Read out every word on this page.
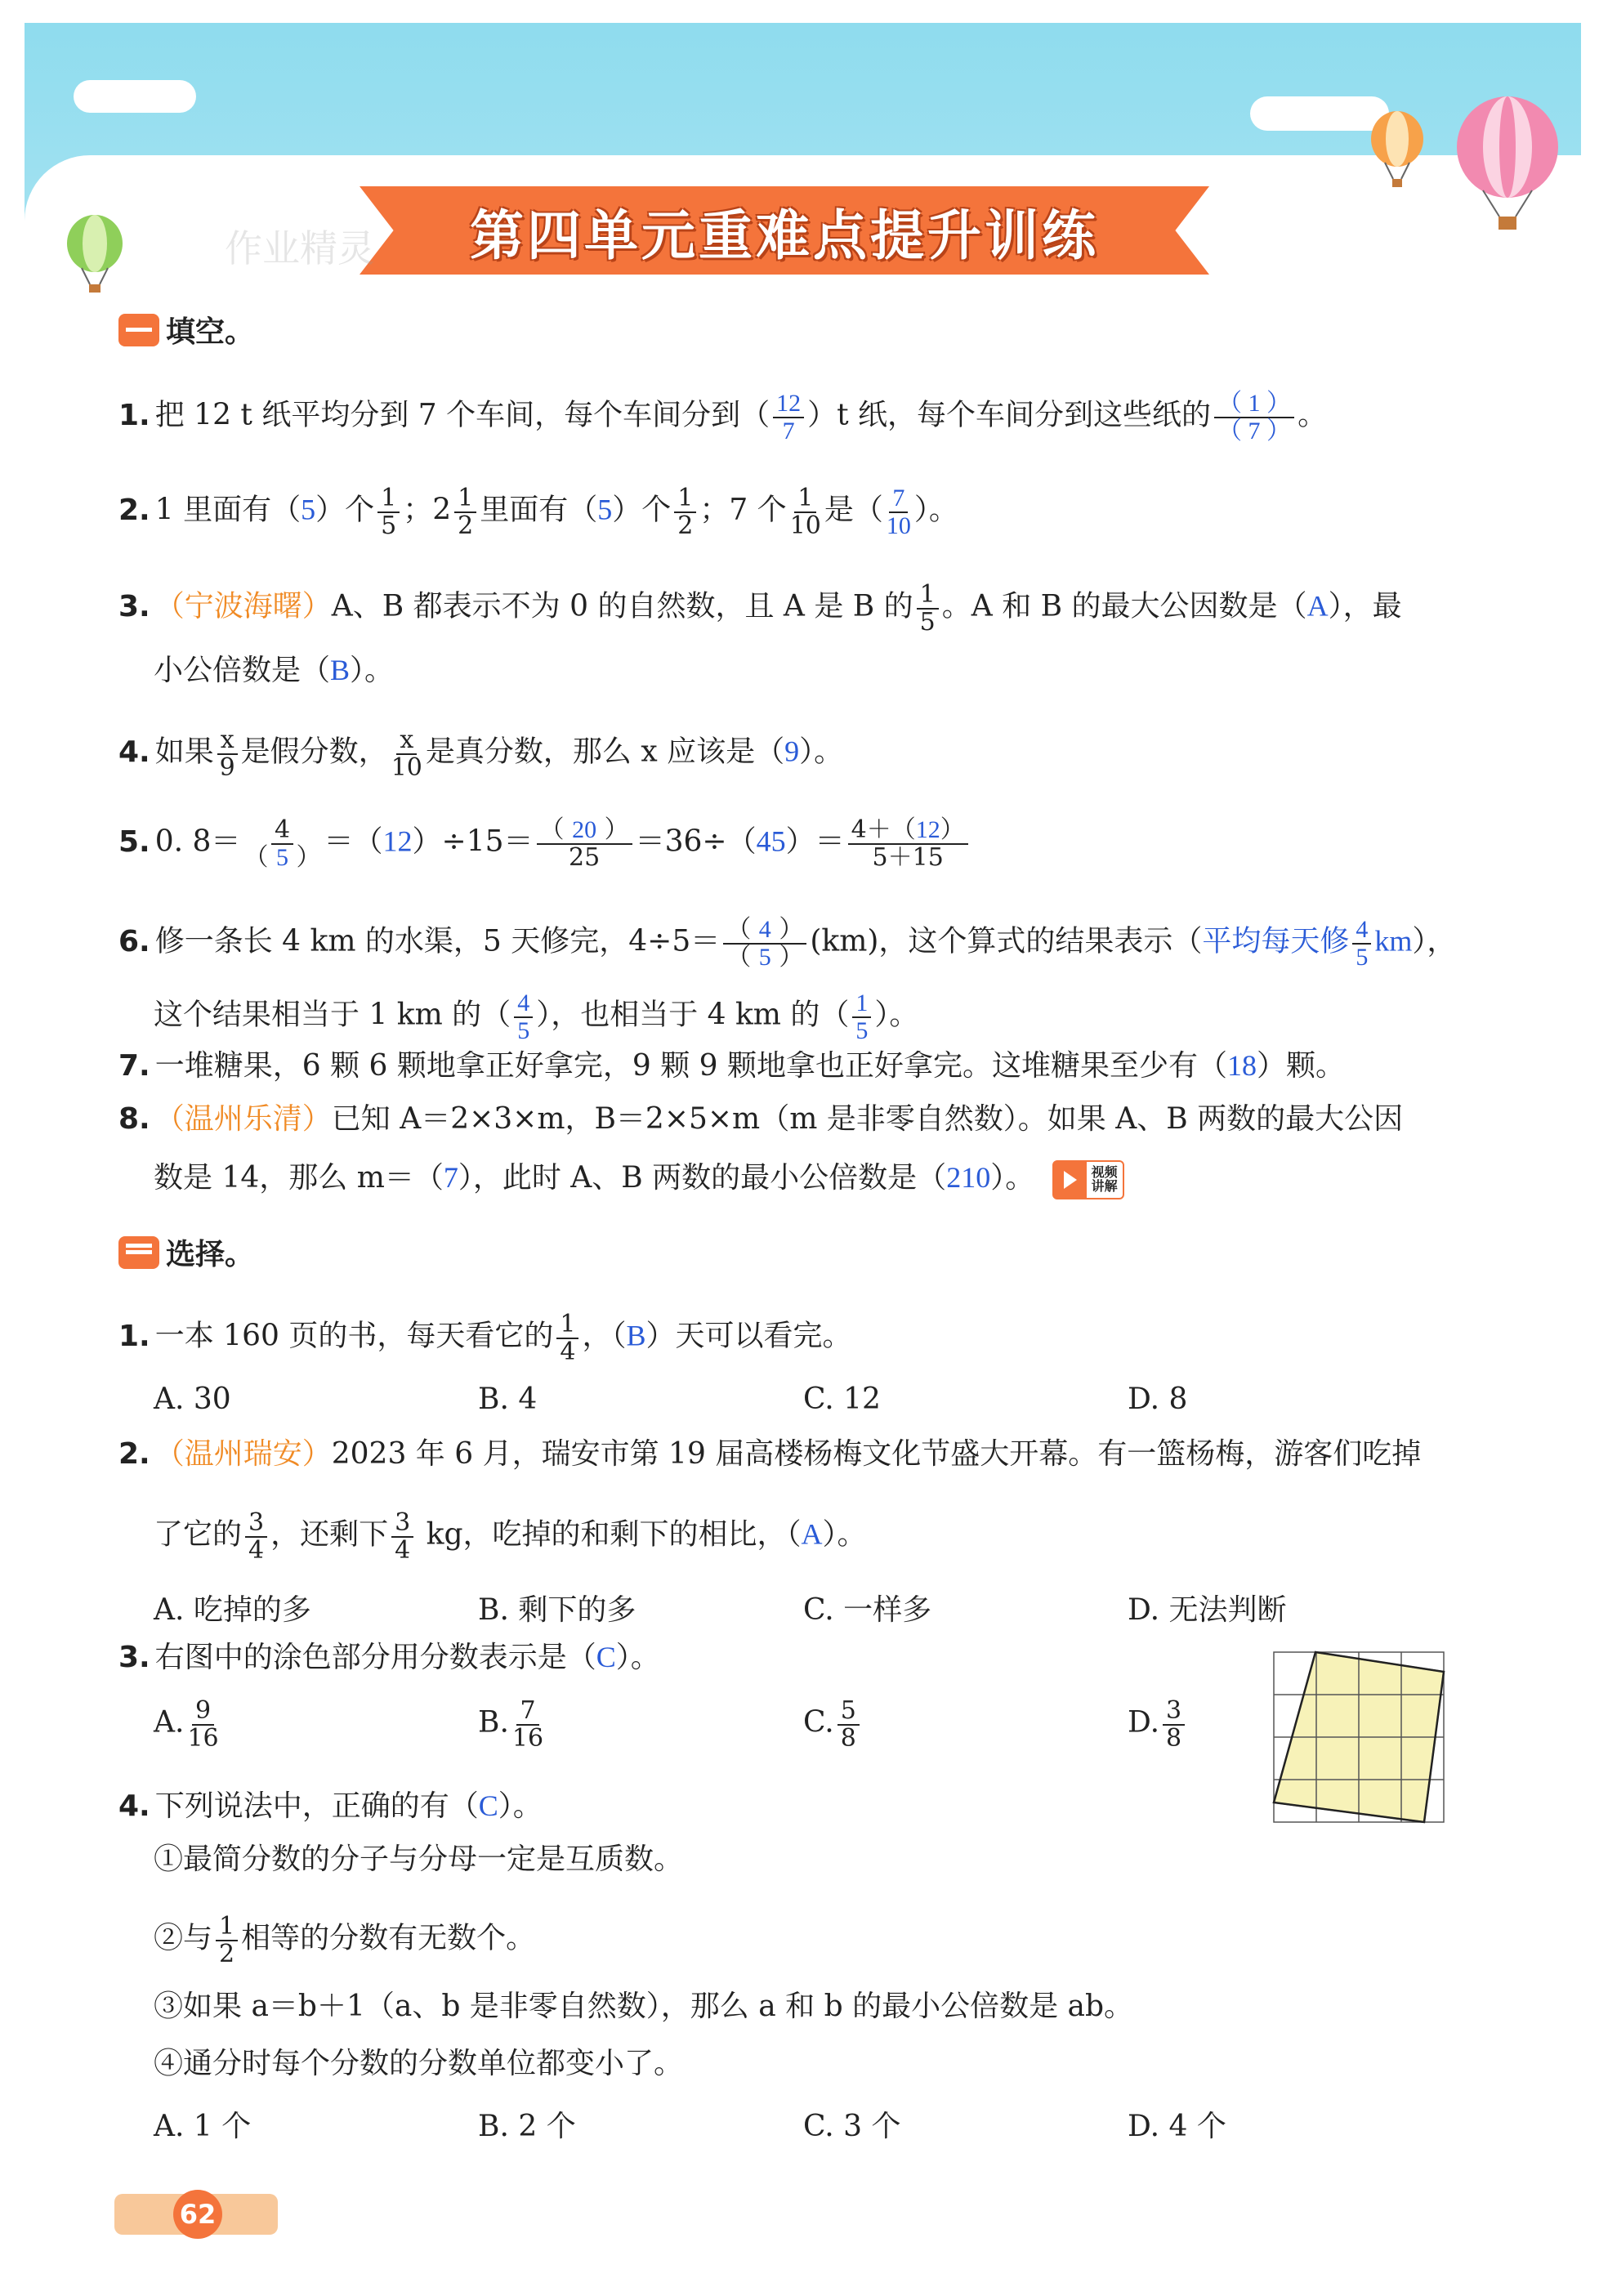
第四单元重难点提升训练
作业精灵
填空。
1. 把 12 t 纸平均分到 7 个车间，每个车间分到（ $\frac{12}{7} )t$ 纸，每个车间分到这些纸的 $\frac{( 1 )}{( 7 )}$ 。
2. 1 里面有（5）个 $\frac{1}{5}$ ；$2 \frac{1}{2}$ 里面有（5）个 $\frac{1}{2}$ ；7 个 $\frac{1}{10}$ 是（ $\frac{7}{10}$ ）。
3. （宁波海曙）A、B 都表示不为 0 的自然数，且 A 是 B 的 $\frac{1}{5}$ 。A 和 B 的最大公因数是（A），最
小公倍数是（B）。
4. 如果 $\frac{x}{9}$ 是假分数， $\frac{x}{10}$ 是真分数，那么 x 应该是（9）。
5. 0. $8= \frac{4}{( 5 )} =(12)\div 15= \frac{( 20 )}{25} =36\div(45)= \frac{4+(12)}{5+15}$
6. 修一条长 4 km 的水渠，5 天修完，$4\div 5= \frac{( 4 )}{( 5 )} (km)$，这个算式的结果表示（平均每天修 $\frac{4}{5} km$），
这个结果相当于 1 km 的（ $\frac{4}{5}$ ），也相当于 4 km 的（ $\frac{1}{5}$ ）。
7. 一堆糖果，6 颗 6 颗地拿正好拿完，9 颗 9 颗地拿也正好拿完。这堆糖果至少有（18）颗。
8. （温州乐清）已知 A＝2×3×m，B＝2×5×m（m 是非零自然数）。如果 A、B 两数的最大公因
数是 14，那么 m＝（7），此时 A、B 两数的最小公倍数是（210）。	视频
讲解
选择。
1. 一本 160 页的书，每天看它的 $\frac{1}{4}$ ，（B）天可以看完。
A. 30	B. 4	C. 12	D. 8
2. （温州瑞安）2023 年 6 月，瑞安市第 19 届高楼杨梅文化节盛大开幕。有一篮杨梅，游客们吃掉
了它的 $\frac{3}{4}$ ，还剩下 $\frac{3}{4}$ kg，吃掉的和剩下的相比，（A）。
A. 吃掉的多	B. 剩下的多	C. 一样多	D. 无法判断
3. 右图中的涂色部分用分数表示是（C）。
A. $\frac{9}{16}$	B. $\frac{7}{16}$	C. $\frac{5}{8}$	D. $\frac{3}{8}$
4. 下列说法中，正确的有（C）。
①最简分数的分子与分母一定是互质数。
②与 $\frac{1}{2}$ 相等的分数有无数个。
③如果 a＝b＋1（a、b 是非零自然数），那么 a 和 b 的最小公倍数是 ab。
④通分时每个分数的分数单位都变小了。
A. 1 个	B. 2 个	C. 3 个	D. 4 个
62
